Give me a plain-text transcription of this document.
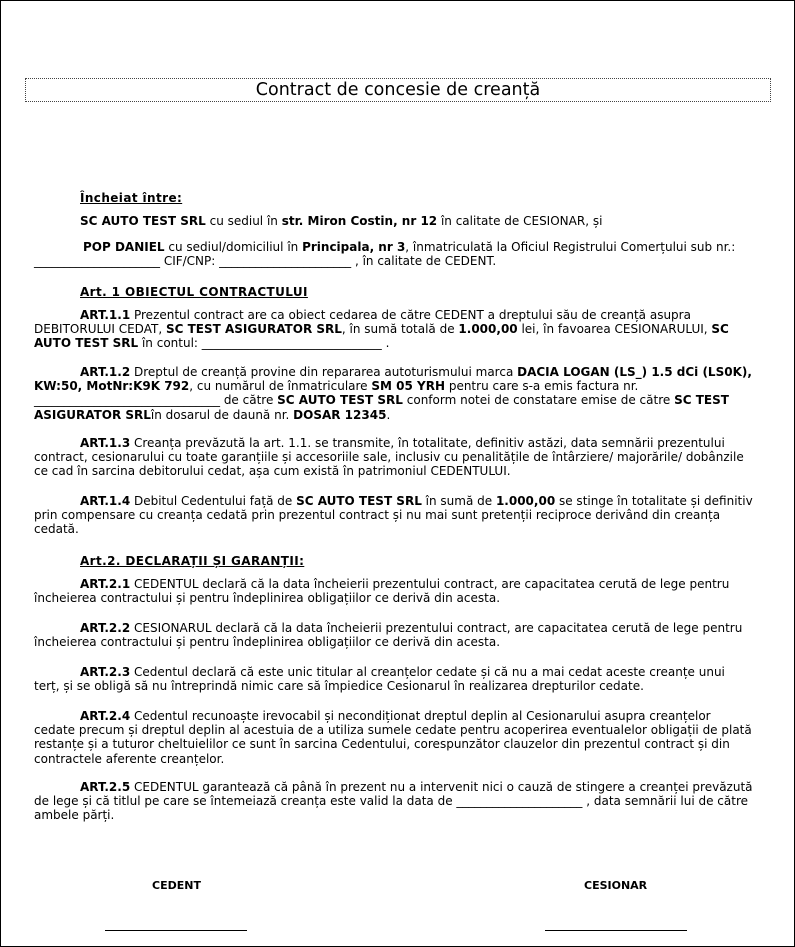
Contract de concesie de creanță
Încheiat între:
SC AUTO TEST SRL cu sediul în str. Miron Costin, nr 12 în calitate de CESIONAR, și
POP DANIEL cu sediul/domiciliul în Principala, nr 3, înmatriculată la Oficiul Registrului Comerțului sub nr.:
_____________________ CIF/CNP: ______________________ , în calitate de CEDENT.
Art. 1 OBIECTUL CONTRACTULUI
ART.1.1 Prezentul contract are ca obiect cedarea de către CEDENT a dreptului său de creanță asupra DEBITORULUI CEDAT, SC TEST ASIGURATOR SRL, în sumă totală de 1.000,00 lei, în favoarea CESIONARULUI, SC AUTO TEST SRL în contul: ______________________________ .
ART.1.2 Dreptul de creanță provine din repararea autoturismului marca DACIA LOGAN (LS_) 1.5 dCi (LS0K), KW:50, MotNr:K9K 792, cu numărul de înmatriculare SM 05 YRH pentru care s-a emis factura nr. _______________________________ de către SC AUTO TEST SRL conform notei de constatare emise de către SC TEST ASIGURATOR SRLîn dosarul de daună nr. DOSAR 12345.
ART.1.3 Creanța prevăzută la art. 1.1. se transmite, în totalitate, definitiv astăzi, data semnării prezentului contract, cesionarului cu toate garanțiile și accesoriile sale, inclusiv cu penalitățile de întârziere/ majorările/ dobânzile ce cad în sarcina debitorului cedat, așa cum există în patrimoniul CEDENTULUI.
ART.1.4 Debitul Cedentului față de SC AUTO TEST SRL în sumă de 1.000,00 se stinge în totalitate și definitiv prin compensare cu creanța cedată prin prezentul contract și nu mai sunt pretenții reciproce derivând din creanța cedată.
Art.2. DECLARAȚII ȘI GARANȚII:
ART.2.1 CEDENTUL declară că la data încheierii prezentului contract, are capacitatea cerută de lege pentru încheierea contractului și pentru îndeplinirea obligațiilor ce derivă din acesta.
ART.2.2 CESIONARUL declară că la data încheierii prezentului contract, are capacitatea cerută de lege pentru încheierea contractului și pentru îndeplinirea obligațiilor ce derivă din acesta.
ART.2.3 Cedentul declară că este unic titular al creanțelor cedate și că nu a mai cedat aceste creanțe unui terț, și se obligă să nu întreprindă nimic care să împiedice Cesionarul în realizarea drepturilor cedate.
ART.2.4 Cedentul recunoaște irevocabil și necondiționat dreptul deplin al Cesionarului asupra creanțelor cedate precum și dreptul deplin al acestuia de a utiliza sumele cedate pentru acoperirea eventualelor obligații de plată restanțe și a tuturor cheltuielilor ce sunt în sarcina Cedentului, corespunzător clauzelor din prezentul contract și din contractele aferente creanțelor.
ART.2.5 CEDENTUL garantează că până în prezent nu a intervenit nici o cauză de stingere a creanței prevăzută de lege și că titlul pe care se întemeiază creanța este valid la data de _____________________ , data semnării lui de către ambele părți.
CEDENT	CESIONAR
